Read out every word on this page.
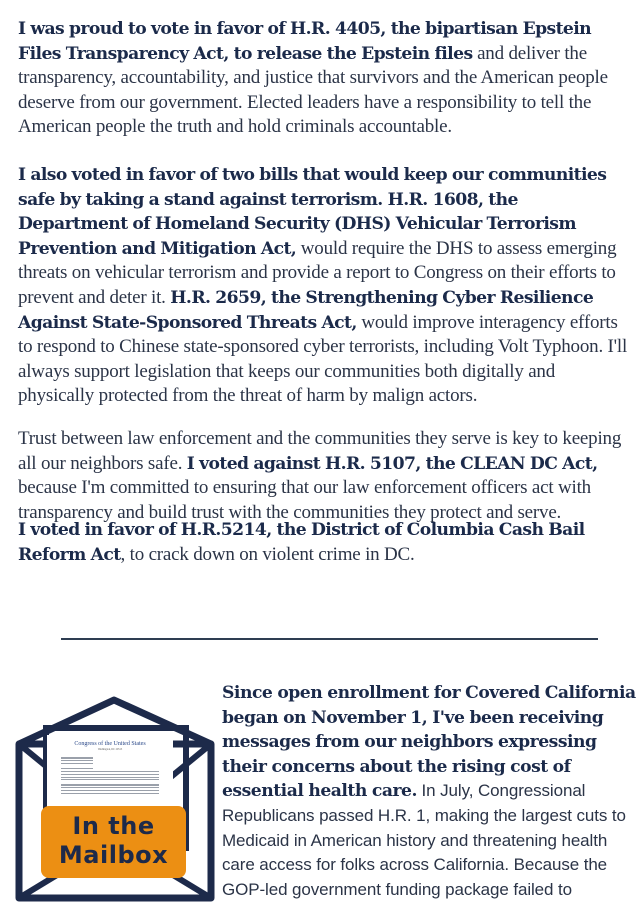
I was proud to vote in favor of H.R. 4405, the bipartisan Epstein Files Transparency Act, to release the Epstein files and deliver the transparency, accountability, and justice that survivors and the American people deserve from our government. Elected leaders have a responsibility to tell the American people the truth and hold criminals accountable.

I also voted in favor of two bills that would keep our communities safe by taking a stand against terrorism. H.R. 1608, the Department of Homeland Security (DHS) Vehicular Terrorism Prevention and Mitigation Act, would require the DHS to assess emerging threats on vehicular terrorism and provide a report to Congress on their efforts to prevent and deter it. H.R. 2659, the Strengthening Cyber Resilience Against State-Sponsored Threats Act, would improve interagency efforts to respond to Chinese state-sponsored cyber terrorists, including Volt Typhoon. I'll always support legislation that keeps our communities both digitally and physically protected from the threat of harm by malign actors.

Trust between law enforcement and the communities they serve is key to keeping all our neighbors safe. I voted against H.R. 5107, the CLEAN DC Act, because I'm committed to ensuring that our law enforcement officers act with transparency and build trust with the communities they protect and serve.

I voted in favor of H.R.5214, the District of Columbia Cash Bail Reform Act, to crack down on violent crime in DC.

Congress of the United States
Washington, DC 20515
In the
Mailbox

Since open enrollment for Covered California began on November 1, I've been receiving messages from our neighbors expressing their concerns about the rising cost of essential health care. In July, Congressional Republicans passed H.R. 1, making the largest cuts to Medicaid in American history and threatening health care access for folks across California. Because the GOP-led government funding package failed to
